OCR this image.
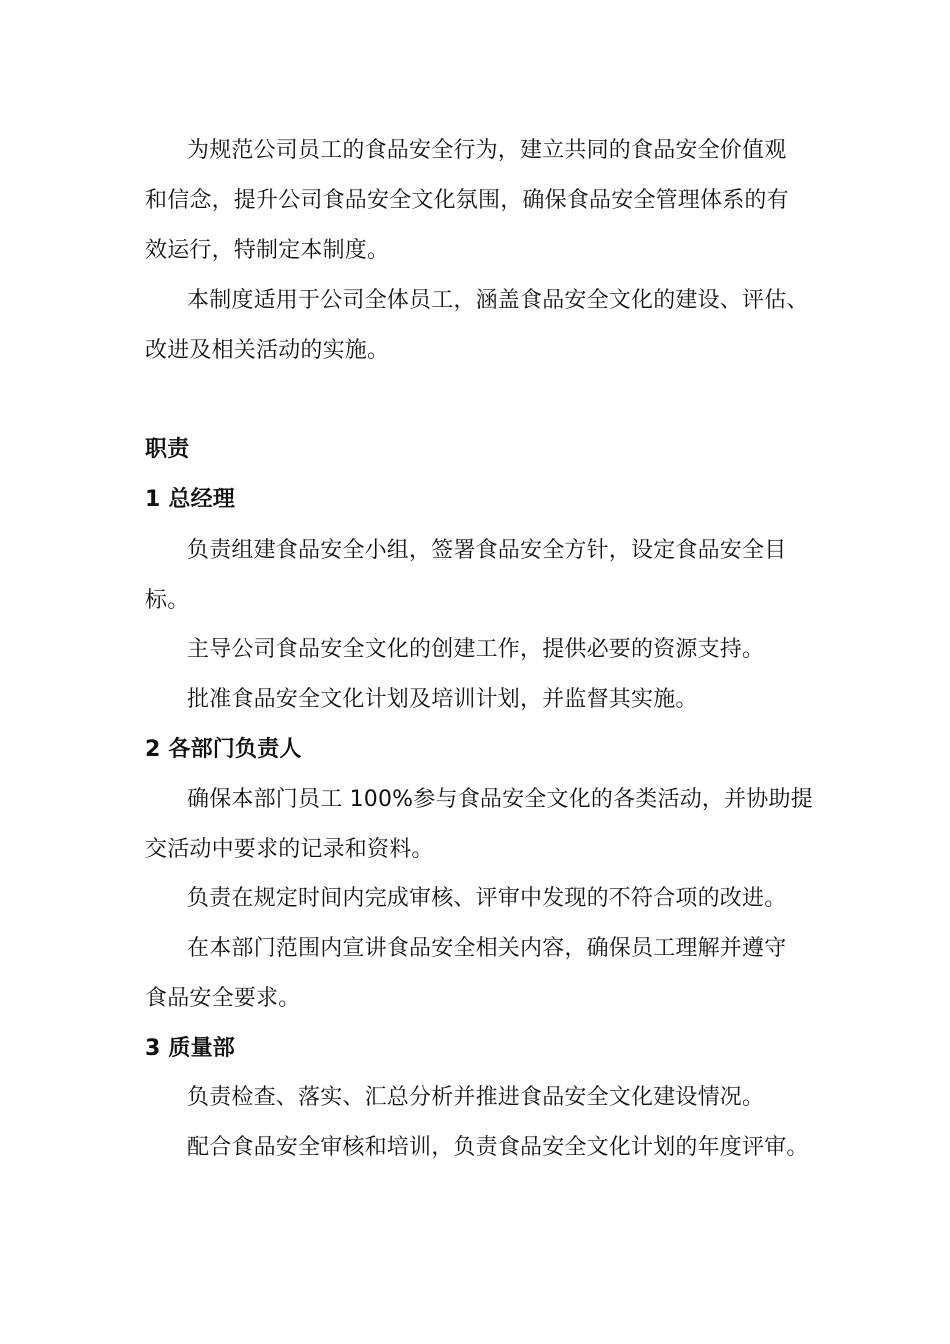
为规范公司员工的食品安全行为，建立共同的食品安全价值观
和信念，提升公司食品安全文化氛围，确保食品安全管理体系的有
效运行，特制定本制度。
本制度适用于公司全体员工，涵盖食品安全文化的建设、评估、
改进及相关活动的实施。
职责
1 总经理
负责组建食品安全小组，签署食品安全方针，设定食品安全目
标。
主导公司食品安全文化的创建工作，提供必要的资源支持。
批准食品安全文化计划及培训计划，并监督其实施。
2 各部门负责人
确保本部门员工 100%参与食品安全文化的各类活动，并协助提
交活动中要求的记录和资料。
负责在规定时间内完成审核、评审中发现的不符合项的改进。
在本部门范围内宣讲食品安全相关内容，确保员工理解并遵守
食品安全要求。
3 质量部
负责检查、落实、汇总分析并推进食品安全文化建设情况。
配合食品安全审核和培训，负责食品安全文化计划的年度评审。
